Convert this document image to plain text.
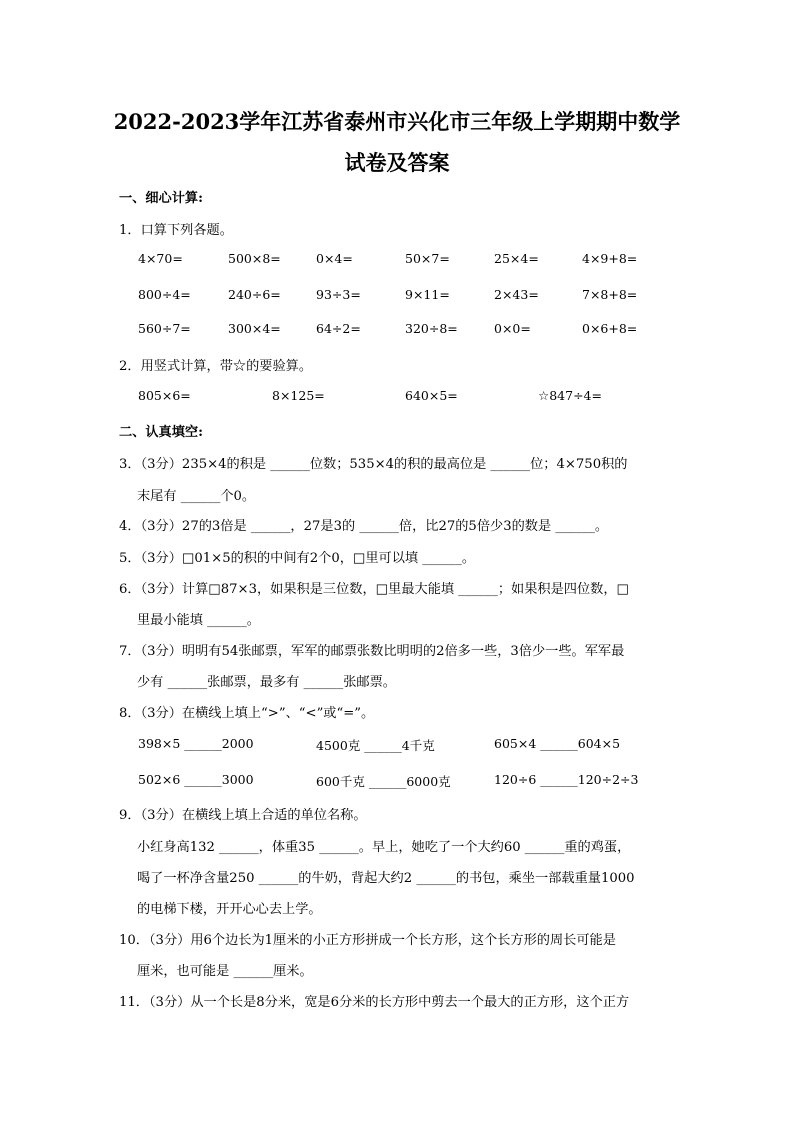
2022-2023学年江苏省泰州市兴化市三年级上学期期中数学
试卷及答案
一、细心计算:
1．口算下列各题。
4×70=	500×8=	0×4=	50×7=	25×4=	4×9+8=
800÷4=	240÷6=	93÷3=	9×11=	2×43=	7×8+8=
560÷7=	300×4=	64÷2=	320÷8=	0×0=	0×6+8=
2．用竖式计算，带☆的要验算。
805×6=	8×125=	640×5=	☆847÷4=
二、认真填空:
3．（3分）235×4的积是 ______位数；535×4的积的最高位是 ______位；4×750积的
末尾有 ______个0。
4．（3分）27的3倍是 ______，27是3的 ______倍，比27的5倍少3的数是 ______。
5．（3分）□01×5的积的中间有2个0，□里可以填 ______。
6．（3分）计算□87×3，如果积是三位数，□里最大能填 ______；如果积是四位数，□
里最小能填 ______。
7．（3分）明明有54张邮票，军军的邮票张数比明明的2倍多一些，3倍少一些。军军最
少有 ______张邮票，最多有 ______张邮票。
8．（3分）在横线上填上“>”、“<”或“=”。
398×5 ______2000	4500克 ______4千克	605×4 ______604×5
502×6 ______3000	600千克 ______6000克	120÷6 ______120÷2÷3
9．（3分）在横线上填上合适的单位名称。
小红身高132 ______，体重35 ______。早上，她吃了一个大约60 ______重的鸡蛋，
喝了一杯净含量250 ______的牛奶，背起大约2 ______的书包，乘坐一部载重量1000
的电梯下楼，开开心心去上学。
10．（3分）用6个边长为1厘米的小正方形拼成一个长方形，这个长方形的周长可能是
厘米，也可能是 ______厘米。
11．（3分）从一个长是8分米，宽是6分米的长方形中剪去一个最大的正方形，这个正方
